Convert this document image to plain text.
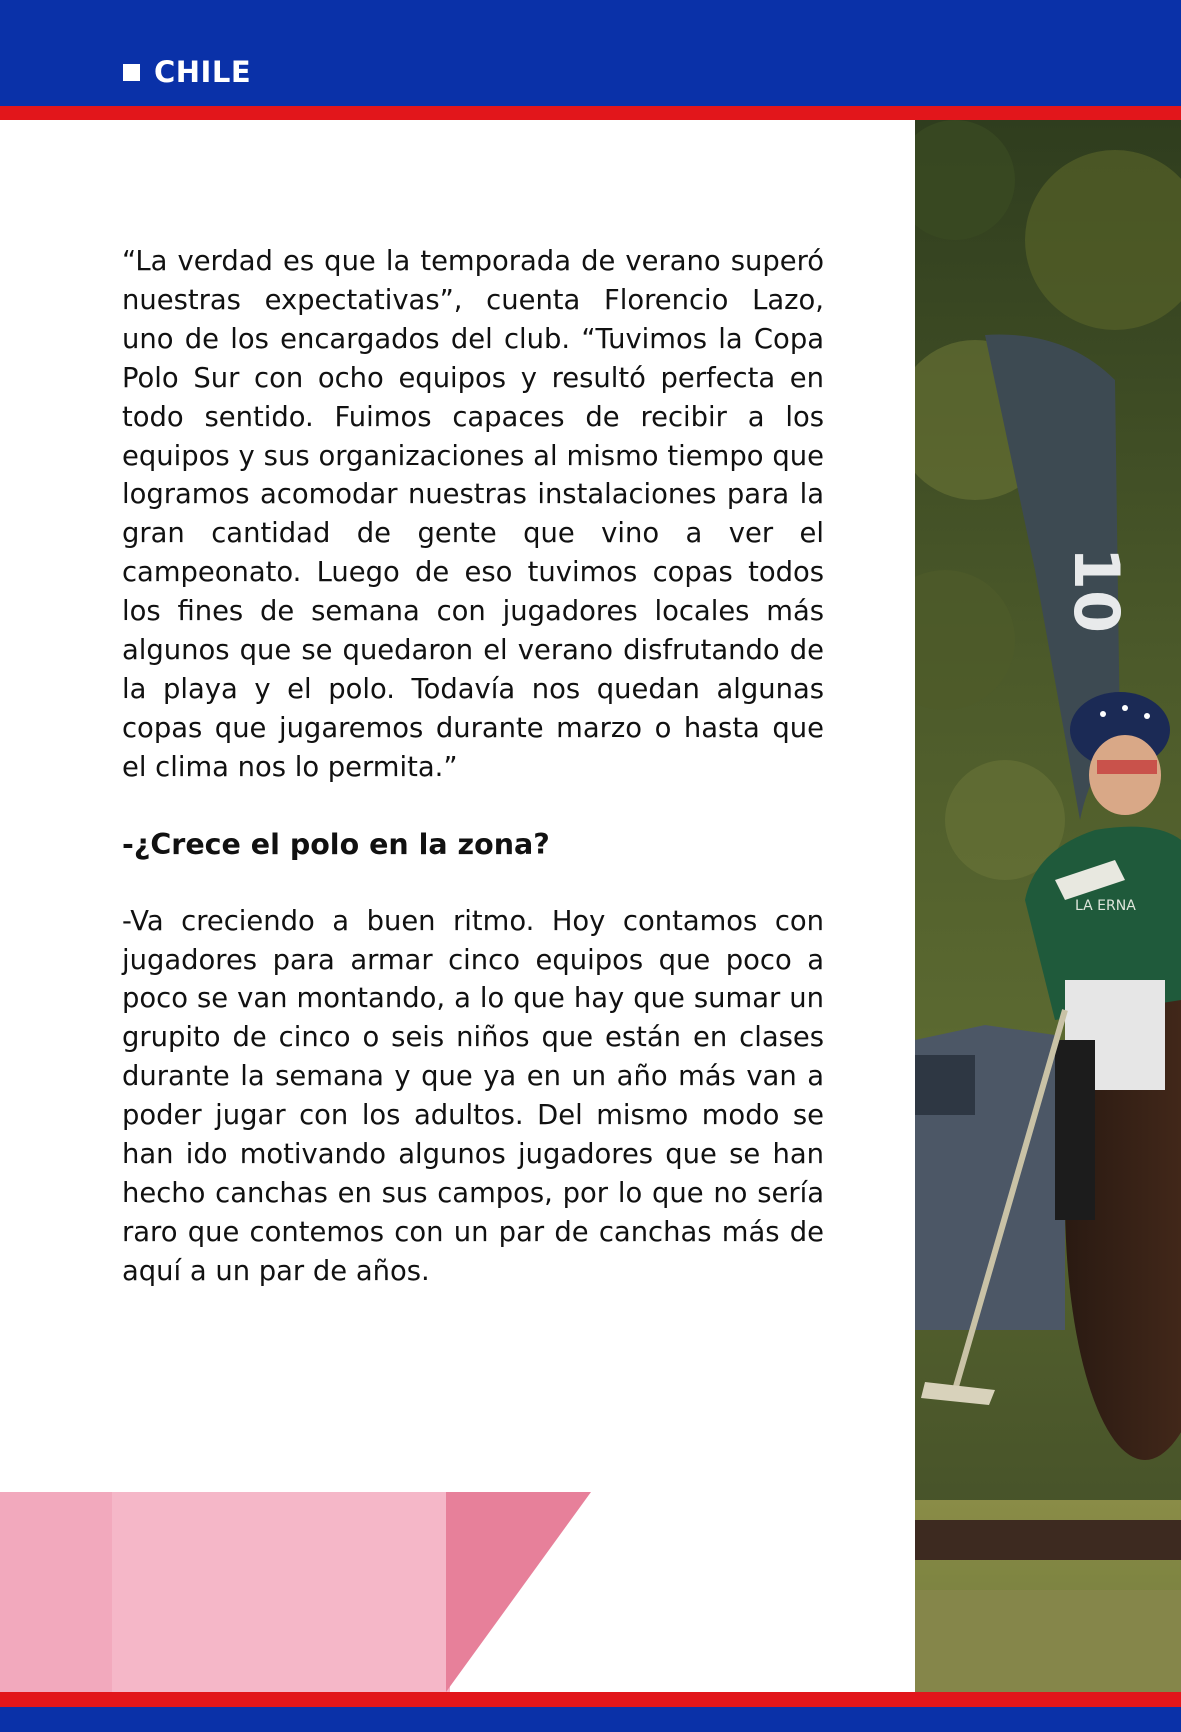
CHILE

“La verdad es que la temporada de verano superó nuestras expectativas”, cuenta Florencio Lazo, uno de los encargados del club. “Tuvimos la Copa Polo Sur con ocho equipos y resultó perfecta en todo sentido. Fuimos capaces de recibir a los equipos y sus organizaciones al mismo tiempo que logramos acomodar nuestras instalaciones para la gran cantidad de gente que vino a ver el campeonato. Luego de eso tuvimos copas todos los fines de semana con jugadores locales más algunos que se quedaron el verano disfrutando de la playa y el polo. Todavía nos quedan algunas copas que jugaremos durante marzo o hasta que el clima nos lo permita.”

-¿Crece el polo en la zona?

-Va creciendo a buen ritmo. Hoy contamos con jugadores para armar cinco equipos que poco a poco se van montando, a lo que hay que sumar un grupito de cinco o seis niños que están en clases durante la semana y que ya en un año más van a poder jugar con los adultos. Del mismo modo se han ido motivando algunos jugadores que se han hecho canchas en sus campos, por lo que no sería raro que contemos con un par de canchas más de aquí a un par de años.

10
LA ERNA
